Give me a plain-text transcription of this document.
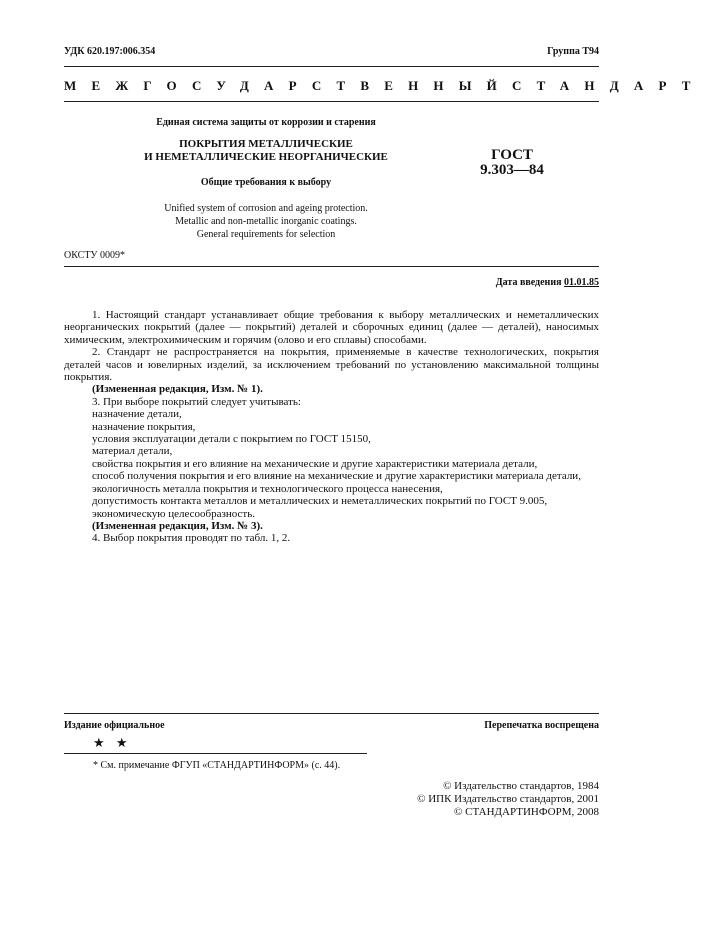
УДК 620.197:006.354	Группа Т94
МЕЖГОСУДАРСТВЕННЫЙ СТАНДАРТ
Единая система защиты от коррозии и старения
ПОКРЫТИЯ МЕТАЛЛИЧЕСКИЕ
И НЕМЕТАЛЛИЧЕСКИЕ НЕОРГАНИЧЕСКИЕ
Общие требования к выбору
Unified system of corrosion and ageing protection.
Metallic and non-metallic inorganic coatings.
General requirements for selection
ГОСТ
9.303—84
ОКСТУ 0009*
Дата введения 01.01.85

1. Настоящий стандарт устанавливает общие требования к выбору металлических и неметаллических неорганических покрытий (далее — покрытий) деталей и сборочных единиц (далее — деталей), наносимых химическим, электрохимическим и горячим (олово и его сплавы) способами.

2. Стандарт не распространяется на покрытия, применяемые в качестве технологических, покрытия деталей часов и ювелирных изделий, за исключением требований по установлению максимальной толщины покрытия.

(Измененная редакция, Изм. № 1).

3. При выборе покрытий следует учитывать:

назначение детали,

назначение покрытия,

условия эксплуатации детали с покрытием по ГОСТ 15150,

материал детали,

свойства покрытия и его влияние на механические и другие характеристики материала детали,

способ получения покрытия и его влияние на механические и другие характеристики материала детали,

экологичность металла покрытия и технологического процесса нанесения,

допустимость контакта металлов и металлических и неметаллических покрытий по ГОСТ 9.005,

экономическую целесообразность.

(Измененная редакция, Изм. № 3).

4. Выбор покрытия проводят по табл. 1, 2.

Издание официальное	Перепечатка воспрещена
★ ★
* См. примечание ФГУП «СТАНДАРТИНФОРМ» (с. 44).
© Издательство стандартов, 1984
© ИПК Издательство стандартов, 2001
© СТАНДАРТИНФОРМ, 2008
